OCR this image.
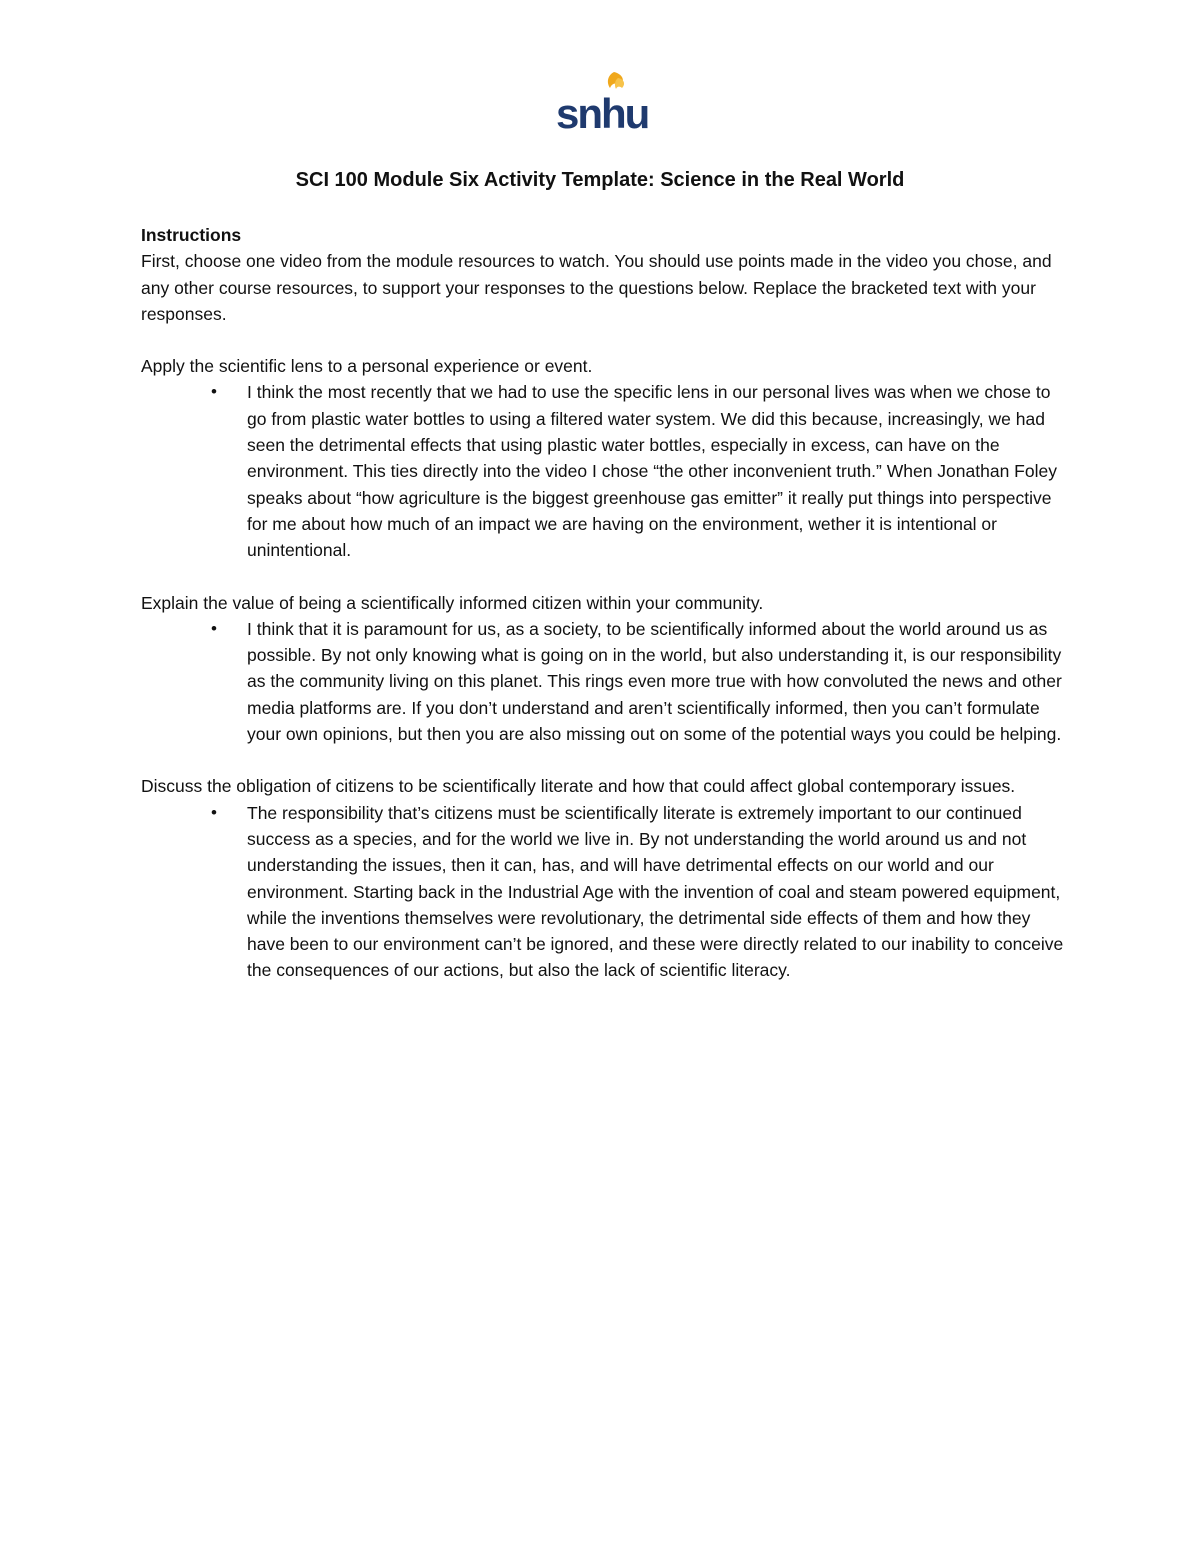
snhu
SCI 100 Module Six Activity Template: Science in the Real World

Instructions

First, choose one video from the module resources to watch. You should use points made in the video you chose, and any other course resources, to support your responses to the questions below. Replace the bracketed text with your responses.

Apply the scientific lens to a personal experience or event.

• I think the most recently that we had to use the specific lens in our personal lives was when we chose to go from plastic water bottles to using a filtered water system. We did this because, increasingly, we had seen the detrimental effects that using plastic water bottles, especially in excess, can have on the environment. This ties directly into the video I chose “the other inconvenient truth.” When Jonathan Foley speaks about “how agriculture is the biggest greenhouse gas emitter” it really put things into perspective for me about how much of an impact we are having on the environment, wether it is intentional or unintentional.

Explain the value of being a scientifically informed citizen within your community.

• I think that it is paramount for us, as a society, to be scientifically informed about the world around us as possible. By not only knowing what is going on in the world, but also understanding it, is our responsibility as the community living on this planet. This rings even more true with how convoluted the news and other media platforms are. If you don’t understand and aren’t scientifically informed, then you can’t formulate your own opinions, but then you are also missing out on some of the potential ways you could be helping.

Discuss the obligation of citizens to be scientifically literate and how that could affect global contemporary issues.

• The responsibility that’s citizens must be scientifically literate is extremely important to our continued success as a species, and for the world we live in. By not understanding the world around us and not understanding the issues, then it can, has, and will have detrimental effects on our world and our environment. Starting back in the Industrial Age with the invention of coal and steam powered equipment, while the inventions themselves were revolutionary, the detrimental side effects of them and how they have been to our environment can’t be ignored, and these were directly related to our inability to conceive the consequences of our actions, but also the lack of scientific literacy.
